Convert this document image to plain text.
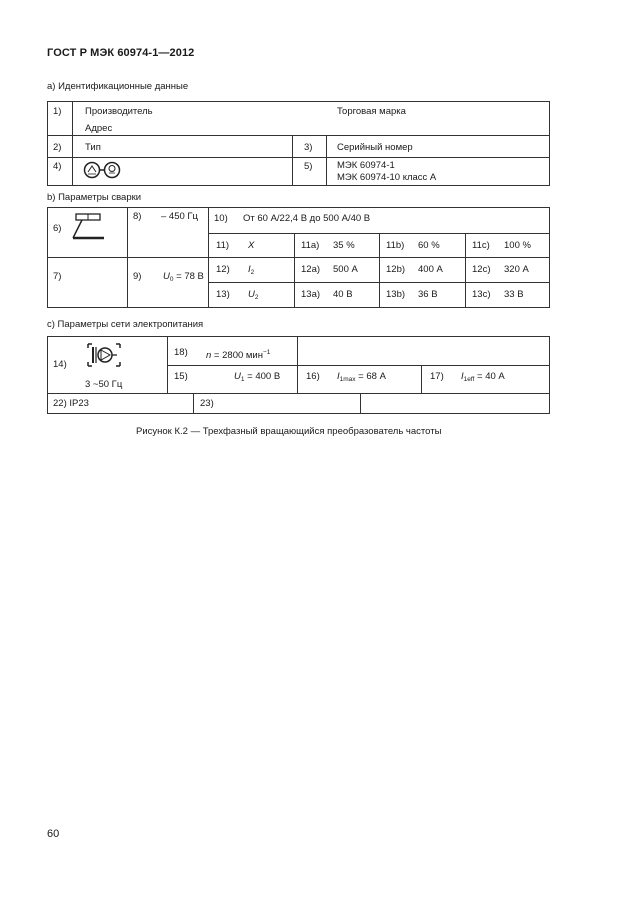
ГОСТ Р МЭК 60974-1—2012
a) Идентификационные данные
1) Производитель
Адрес
Торговая марка
2) Тип	3)	Серийный номер
4)	5)	МЭК 60974-1
МЭК 60974-10 класс А
b) Параметры сварки
6)
8) – 450 Гц 10) От 60 А/22,4 В до 500 А/40 В
11) X	11a) 35 %	11b) 60 %	11c) 100 %
7)	9) $U_0 = 78$ В
12) $I_2$	12a) 500 А	12b) 400 А	12c) 320 А
13) $U_2$	13a) 40 В	13b) 36 В	13c) 33 В
c) Параметры сети электропитания
14)
3 ~50 Гц
18) n = 2800 мин$^{-1}$
15)	$U_1 = 400$ В	16) $I_{1max} = 68$ А	17) $I_{1eff} = 40$ А
22) IP23	23)
Рисунок К.2 — Трехфазный вращающийся преобразователь частоты
60
